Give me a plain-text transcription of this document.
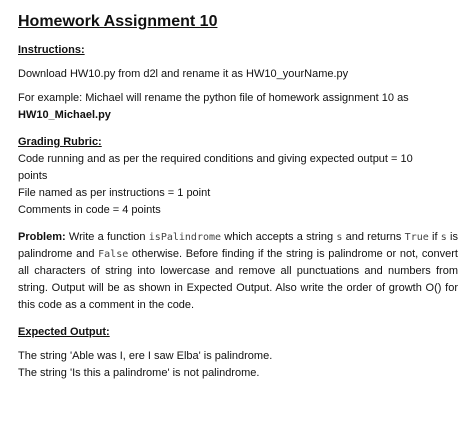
Homework Assignment 10
Instructions:

Download HW10.py from d2l and rename it as HW10_yourName.py

For example: Michael will rename the python file of homework assignment 10 as HW10_Michael.py

Grading Rubric:

Code running and as per the required conditions and giving expected output = 10

points

File named as per instructions = 1 point

Comments in code = 4 points

Problem: Write a function isPalindrome which accepts a string s and returns True if s is palindrome and False otherwise. Before finding if the string is palindrome or not, convert all characters of string into lowercase and remove all punctuations and numbers from string. Output will be as shown in Expected Output. Also write the order of growth O() for this code as a comment in the code.

Expected Output:

The string 'Able was I, ere I saw Elba' is palindrome.

The string 'Is this a palindrome' is not palindrome.
